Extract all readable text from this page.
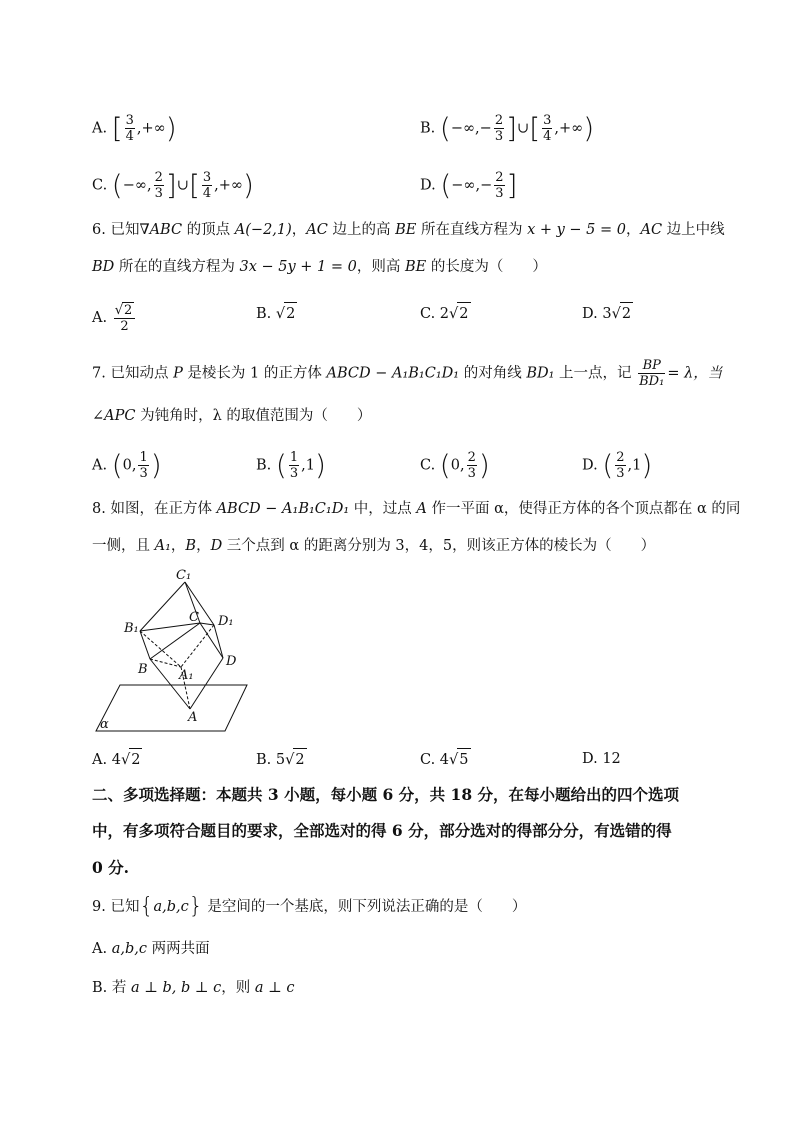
A. [ $\frac{3}{4}$ ,+∞)	B. (−∞,− $\frac{2}{3}$ ]∪[ $\frac{3}{4}$ ,+∞)
C. (−∞, $\frac{2}{3}$ ]∪[ $\frac{3}{4}$ ,+∞)	D. (−∞,− $\frac{2}{3}$ ]
6. 已知∇ABC 的顶点 A(−2,1)，AC 边上的高 BE 所在直线方程为 x + y − 5 = 0，AC 边上中线
BD 所在的直线方程为 3x − 5y + 1 = 0，则高 BE 的长度为（　　）
A. $\frac{√2}{2}$	B. √2	C. 2√2	D. 3√2
7. 已知动点 P 是棱长为 1 的正方体 ABCD − A₁B₁C₁D₁ 的对角线 BD₁ 上一点，记 $\frac{BP}{\text{BD₁}} = \lambda$，当
∠APC 为钝角时，λ 的取值范围为（　　）
A. (0, $\frac{1}{3}$ )	B. ( $\frac{1}{3} ,1$)	C. (0, $\frac{2}{3}$ )	D. ( $\frac{2}{3} ,1$)
8. 如图，在正方体 ABCD − A₁B₁C₁D₁ 中，过点 A 作一平面 α，使得正方体的各个顶点都在 α 的同
一侧，且 A₁，B，D 三个点到 α 的距离分别为 3，4，5，则该正方体的棱长为（　　）
C₁
B₁
C D₁
B A₁
D
A
α
A. 4√2	B. 5√2	C. 4√5	D. 12
二、多项选择题：本题共 3 小题，每小题 6 分，共 18 分，在每小题给出的四个选项
中，有多项符合题目的要求，全部选对的得 6 分，部分选对的得部分分，有选错的得
0 分.
9. 已知{a,b,c} 是空间的一个基底，则下列说法正确的是（　　）
A. a,b,c 两两共面
B. 若 a ⊥ b, b ⊥ c，则 a ⊥ c
